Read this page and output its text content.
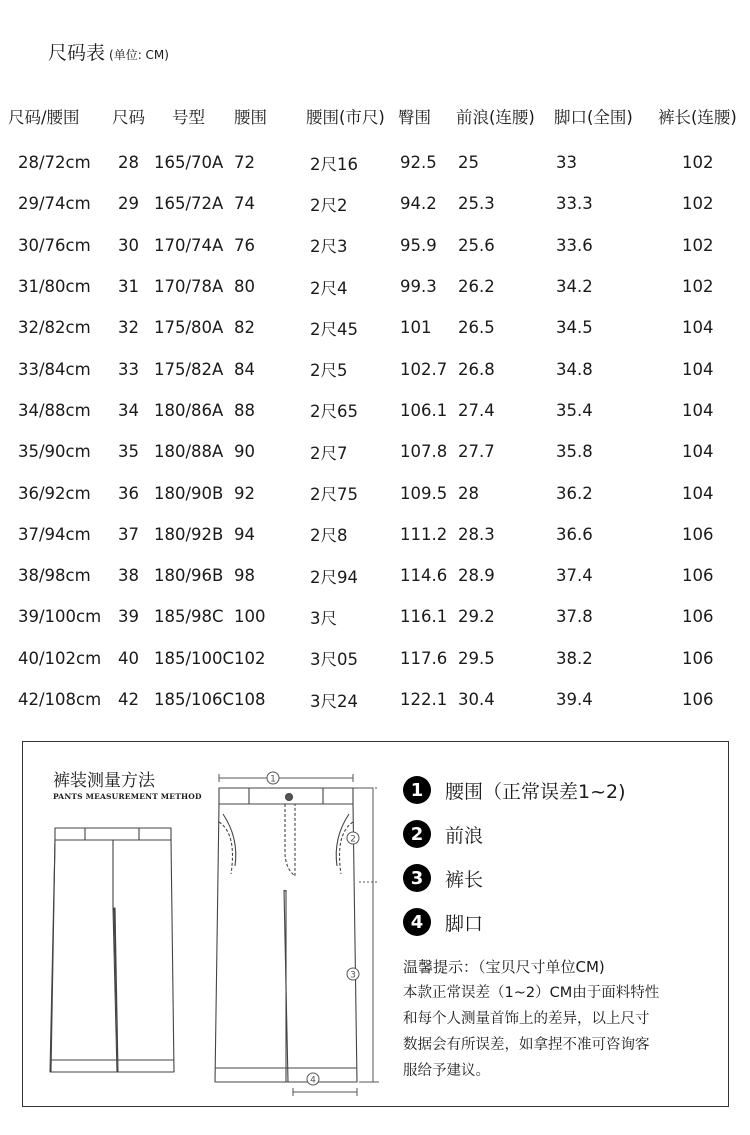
尺码表 (单位: CM)
尺码/腰围	尺码	号型	腰围	腰围(市尺)	臀围	前浪(连腰)	脚口(全围)	裤长(连腰)
28/72cm	28	165/70A	72	2尺16	92.5	25	33	102
29/74cm	29	165/72A	74	2尺2	94.2	25.3	33.3	102
30/76cm	30	170/74A	76	2尺3	95.9	25.6	33.6	102
31/80cm	31	170/78A	80	2尺4	99.3	26.2	34.2	102
32/82cm	32	175/80A	82	2尺45	101	26.5	34.5	104
33/84cm	33	175/82A	84	2尺5	102.7	26.8	34.8	104
34/88cm	34	180/86A	88	2尺65	106.1	27.4	35.4	104
35/90cm	35	180/88A	90	2尺7	107.8	27.7	35.8	104
36/92cm	36	180/90B	92	2尺75	109.5	28	36.2	104
37/94cm	37	180/92B	94	2尺8	111.2	28.3	36.6	106
38/98cm	38	180/96B	98	2尺94	114.6	28.9	37.4	106
39/100cm	39	185/98C	100	3尺	116.1	29.2	37.8	106
40/102cm	40	185/100C	102	3尺05	117.6	29.5	38.2	106
42/108cm	42	185/106C	108	3尺24	122.1	30.4	39.4	106
裤装测量方法
PANTS MEASUREMENT METHOD
1
2
3
4
1	腰围（正常误差1~2)
2	前浪
3	裤长
4	脚口
温馨提示：（宝贝尺寸单位CM)
本款正常误差（1~2）CM由于面料特性
和每个人测量首饰上的差异，以上尺寸
数据会有所误差，如拿捏不准可咨询客
服给予建议。
